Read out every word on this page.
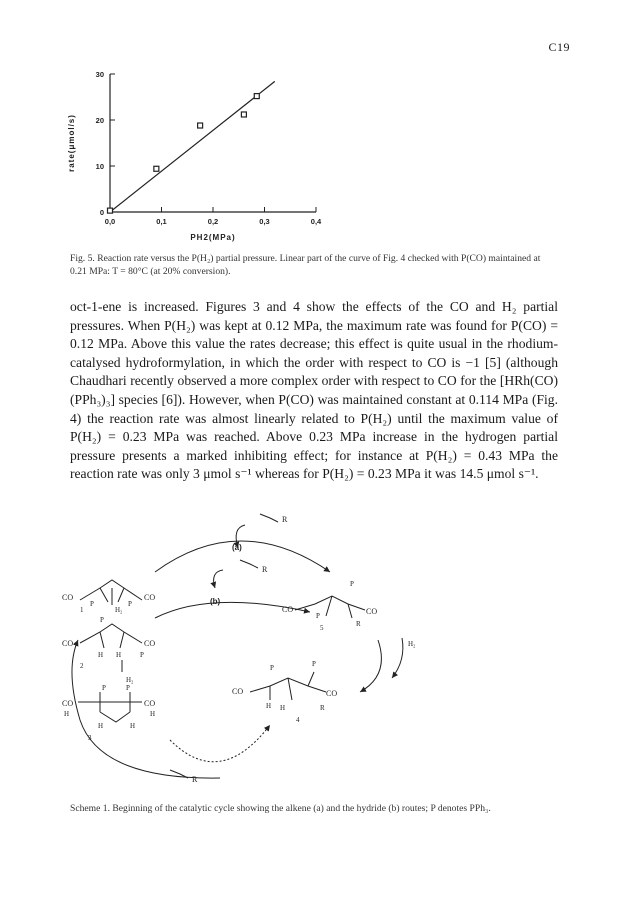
C19
0,0	0,1	0,2	0,3	0,4
0
10
20
30
PH2(MPa)
rate(μmol/s)
Fig. 5. Reaction rate versus the P(H₂) partial pressure. Linear part of the curve of Fig. 4 checked with P(CO) maintained at 0.21 MPa: T = 80°C (at 20% conversion).

oct-1-ene is increased. Figures 3 and 4 show the effects of the CO and H₂ partial pressures. When P(H₂) was kept at 0.12 MPa, the maximum rate was found for P(CO) = 0.12 MPa. Above this value the rates decrease; this effect is quite usual in the rhodium-catalysed hydroformylation, in which the order with respect to CO is −1 [5] (although Chaudhari recently observed a more complex order with respect to CO for the [HRh(CO)(PPh₃)₃] species [6]). However, when P(CO) was maintained constant at 0.114 MPa (Fig. 4) the reaction rate was almost linearly related to P(H₂) until the maximum value of P(H₂) = 0.23 MPa was reached. Above 0.23 MPa increase in the hydrogen partial pressure presents a marked inhibiting effect; for instance at P(H₂) = 0.43 MPa the reaction rate was only 3 μmol s⁻¹ whereas for P(H₂) = 0.23 MPa it was 14.5 μmol s⁻¹.

(a)
(b)
R
R
R
CO	CO
P	P
H₂
1
P
CO	CO
H H	P
2
H₂
P	P
CO	CO
H	H
H	H
3
P
CO	CO
P
R
5
H₂
P	P
CO	CO
H H	R
4
Scheme 1. Beginning of the catalytic cycle showing the alkene (a) and the hydride (b) routes; P denotes PPh₃.
